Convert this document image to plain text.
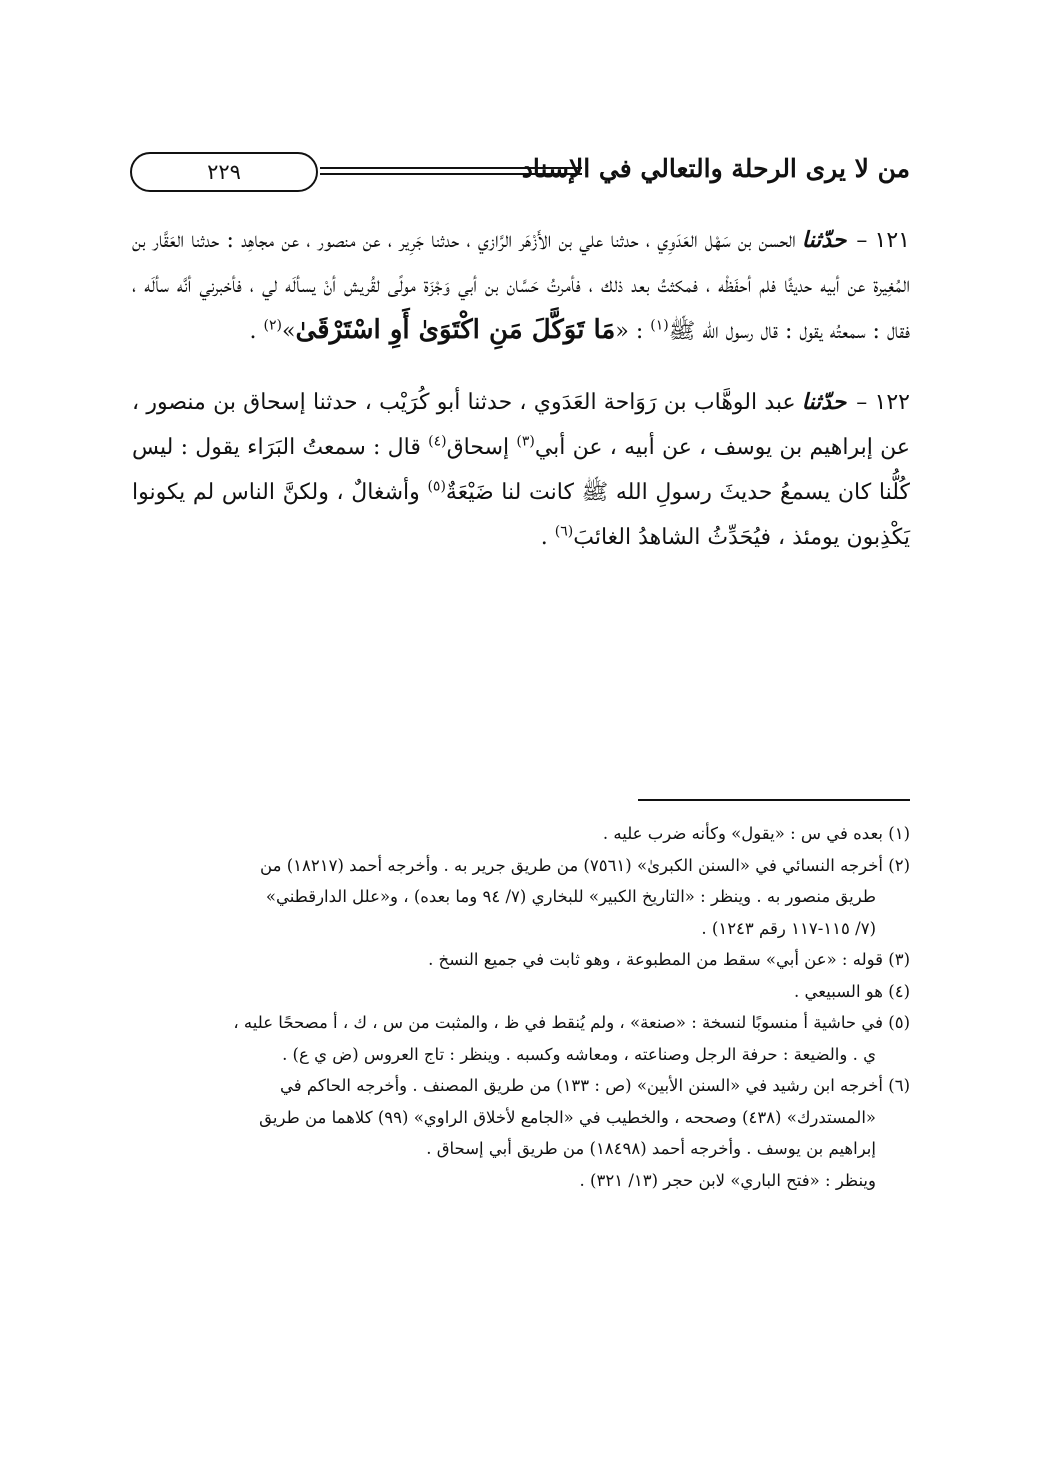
من لا يرى الرحلة والتعالي في الإسناد
٢٢٩

١٢١ –حدّثناالحسن بن سَهْل العَدَوِي ، حدثنا علي بن الأَزْهَر الرَّازي ، حدثنا جَرِير ، عن منصور ، عن مجاهِد : حدثنا العَقَّار بن المُغِيرة عن أبيه حديثًا فلم أحفَظْه ، فمكثتُ بعد ذلك ، فأمرتُ حَسَّان بن أبي وَجْزَة مولًى لقُريش أنْ يسألَه لي ، فأخبرني أنَّه سألَه ، فقال : سمعتُه يقول : قال رسول الله ﷺ$^{(١)}$ : «مَا تَوَكَّلَ مَنِ اكْتَوَىٰ أَوِ اسْتَرْقَىٰ»$^{(٢)}$ .

١٢٢ –حدّثناعبد الوهَّاب بن رَوَاحة العَدَوي ، حدثنا أبو كُرَيْب ، حدثنا إسحاق بن منصور ، عن إبراهيم بن يوسف ، عن أبيه ، عن أبي$^{(٣)}$ إسحاق$^{(٤)}$ قال : سمعتُ البَرَاء يقول : ليس كُلُّنا كان يسمعُ حديثَ رسولِ الله ﷺ كانت لنا ضَيْعَةٌ$^{(٥)}$ وأشغالٌ ، ولكنَّ الناس لم يكونوا يَكْذِبون يومئذ ، فيُحَدِّثُ الشاهدُ الغائبَ$^{(٦)}$ .

(١) بعده في س : «يقول» وكأنه ضرب عليه .

(٢) أخرجه النسائي في «السنن الكبرىٰ» (٧٥٦١) من طريق جرير به . وأخرجه أحمد (١٨٢١٧) من

طريق منصور به . وينظر : «التاريخ الكبير» للبخاري (٧/ ٩٤ وما بعده) ، و«علل الدارقطني»

(٧/ ١١٥-١١٧ رقم ١٢٤٣) .

(٣) قوله : «عن أبي» سقط من المطبوعة ، وهو ثابت في جميع النسخ .

(٤) هو السبيعي .

(٥) في حاشية أ منسوبًا لنسخة : «صنعة» ، ولم يُنقط في ظ ، والمثبت من س ، ك ، أ مصححًا عليه ،

ي . والضيعة : حرفة الرجل وصناعته ، ومعاشه وكسبه . وينظر : تاج العروس (ض ي ع) .

(٦) أخرجه ابن رشيد في «السنن الأبين» (ص : ١٣٣) من طريق المصنف . وأخرجه الحاكم في

«المستدرك» (٤٣٨) وصححه ، والخطيب في «الجامع لأخلاق الراوي» (٩٩) كلاهما من طريق

إبراهيم بن يوسف . وأخرجه أحمد (١٨٤٩٨) من طريق أبي إسحاق .

وينظر : «فتح الباري» لابن حجر (١٣/ ٣٢١) .
